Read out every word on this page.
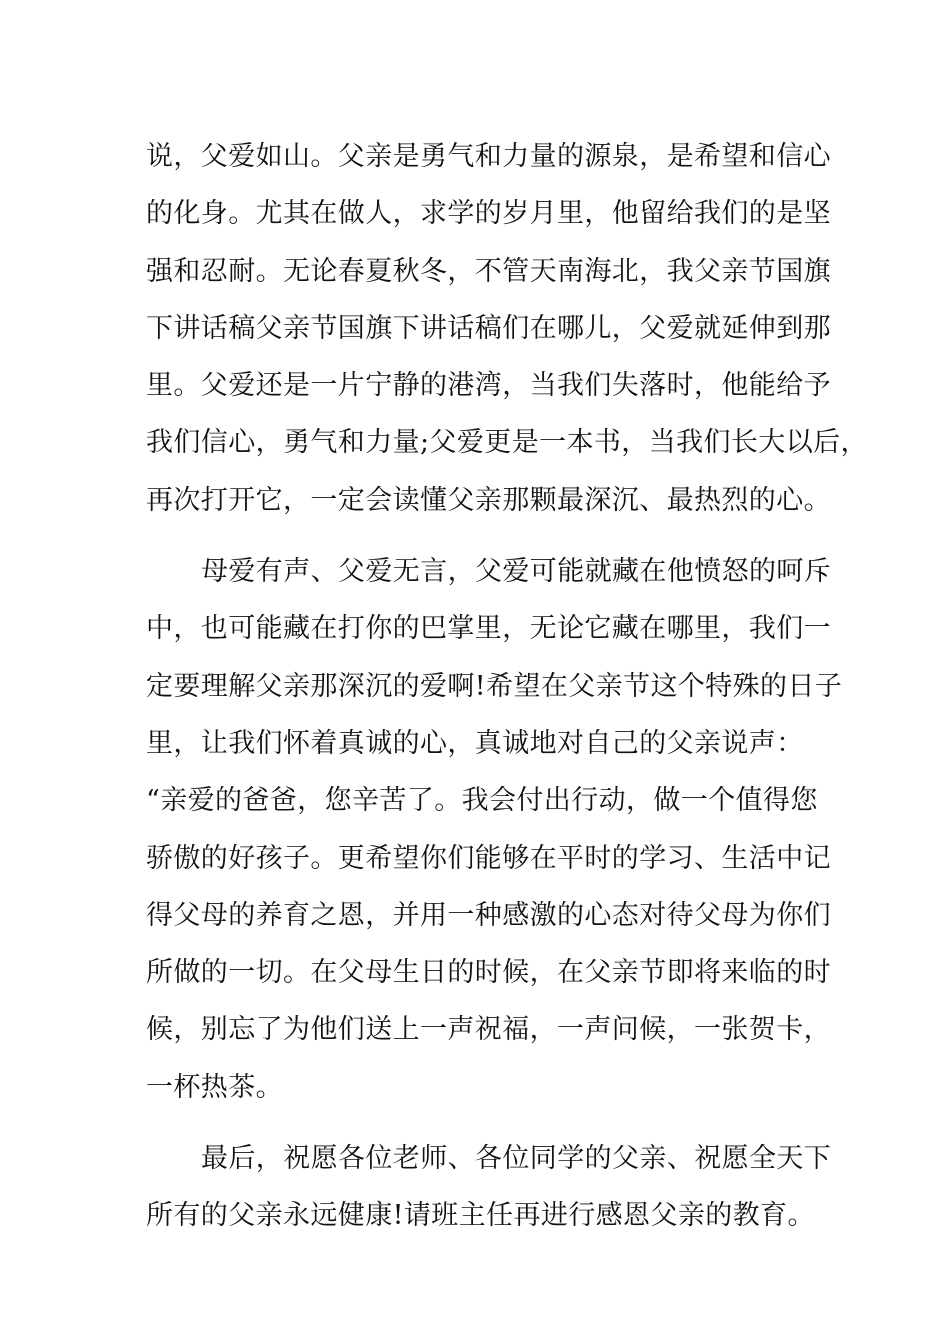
说，父爱如山。父亲是勇气和力量的源泉，是希望和信心
的化身。尤其在做人，求学的岁月里，他留给我们的是坚
强和忍耐。无论春夏秋冬，不管天南海北，我父亲节国旗
下讲话稿父亲节国旗下讲话稿们在哪儿，父爱就延伸到那
里。父爱还是一片宁静的港湾，当我们失落时，他能给予
我们信心，勇气和力量;父爱更是一本书，当我们长大以后，
再次打开它，一定会读懂父亲那颗最深沉、最热烈的心。
母爱有声、父爱无言，父爱可能就藏在他愤怒的呵斥
中，也可能藏在打你的巴掌里，无论它藏在哪里，我们一
定要理解父亲那深沉的爱啊!希望在父亲节这个特殊的日子
里，让我们怀着真诚的心，真诚地对自己的父亲说声：
“亲爱的爸爸，您辛苦了。我会付出行动，做一个值得您
骄傲的好孩子。更希望你们能够在平时的学习、生活中记
得父母的养育之恩，并用一种感激的心态对待父母为你们
所做的一切。在父母生日的时候，在父亲节即将来临的时
候，别忘了为他们送上一声祝福，一声问候，一张贺卡，
一杯热茶。
最后，祝愿各位老师、各位同学的父亲、祝愿全天下
所有的父亲永远健康!请班主任再进行感恩父亲的教育。
